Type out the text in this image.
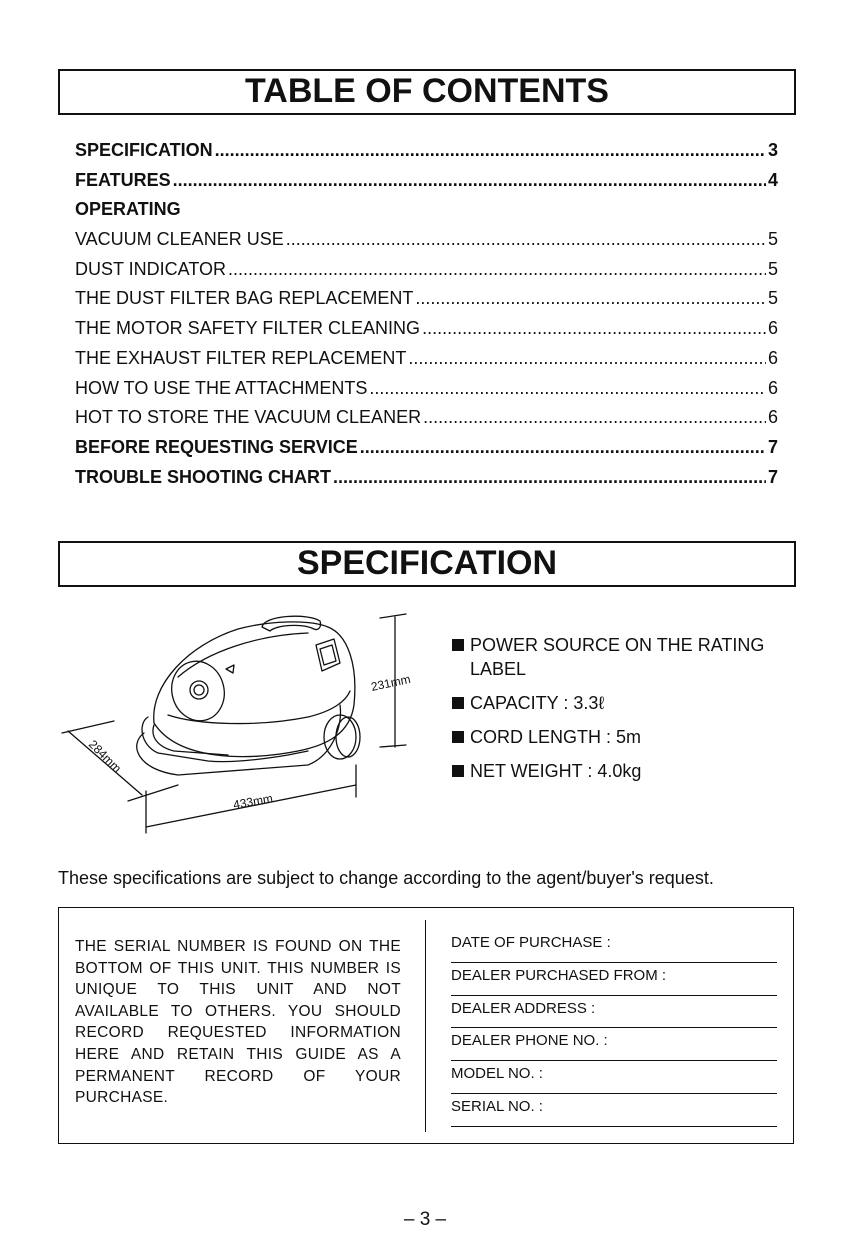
TABLE OF CONTENTS
SPECIFICATION .....	3
FEATURES .....	4
OPERATING
VACUUM CLEANER USE .....	5
DUST INDICATOR .....	5
THE DUST FILTER BAG REPLACEMENT .....	5
THE MOTOR SAFETY FILTER CLEANING .....	6
THE EXHAUST FILTER REPLACEMENT .....	6
HOW TO USE THE ATTACHMENTS .....	6
HOT TO STORE THE VACUUM CLEANER .....	6
BEFORE REQUESTING SERVICE .....	7
TROUBLE SHOOTING CHART .....	7
SPECIFICATION
231mm
284mm
433mm
POWER SOURCE ON THE RATING LABEL
CAPACITY : 3.3ℓ
CORD LENGTH : 5m
NET WEIGHT : 4.0kg
These specifications are subject to change according to the agent/buyer's request.
THE SERIAL NUMBER IS FOUND ON THE BOTTOM OF THIS UNIT. THIS NUMBER IS UNIQUE TO THIS UNIT AND NOT AVAILABLE TO OTHERS. YOU SHOULD RECORD REQUESTED INFORMATION HERE AND RETAIN THIS GUIDE AS A PERMANENT RECORD OF YOUR PURCHASE.
DATE OF PURCHASE :
DEALER PURCHASED FROM :
DEALER ADDRESS :
DEALER PHONE NO. :
MODEL NO. :
SERIAL NO. :
– 3 –
